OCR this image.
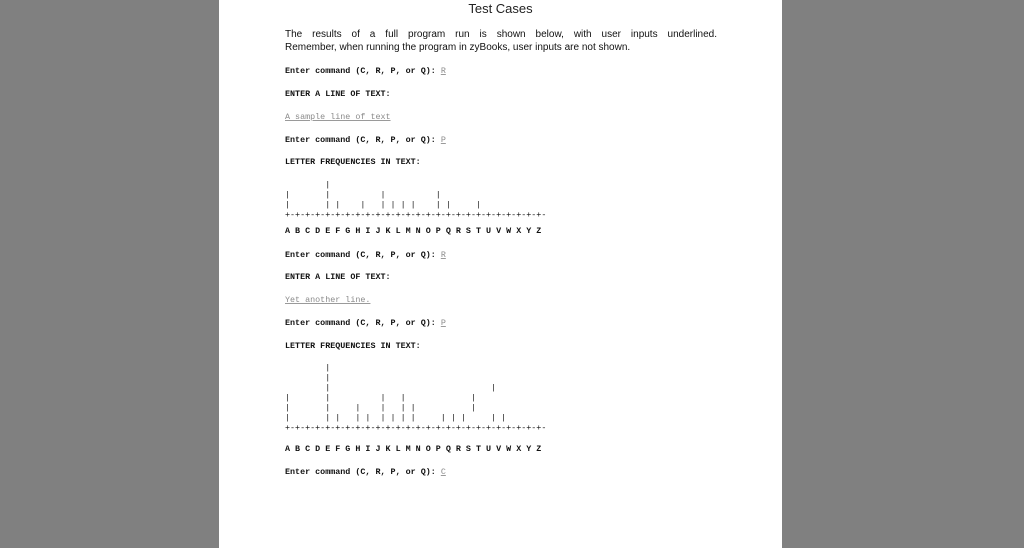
Test Cases

The results of a full program run is shown below, with user inputs underlined.

Remember, when running the program in zyBooks, user inputs are not shown.

Enter command (C, R, P, or Q): R
ENTER A LINE OF TEXT:
A sample line of text
Enter command (C, R, P, or Q): P
LETTER FREQUENCIES IN TEXT:
|
|       |          |          |
|       | |    |   | | | |    | |     |
+-+-+-+-+-+-+-+-+-+-+-+-+-+-+-+-+-+-+-+-+-+-+-+-+-+-
A B C D E F G H I J K L M N O P Q R S T U V W X Y Z
Enter command (C, R, P, or Q): R
ENTER A LINE OF TEXT:
Yet another line.
Enter command (C, R, P, or Q): P
LETTER FREQUENCIES IN TEXT:
|
|
|                                |
|       |          |   |             |
|       |     |    |   | |           |
|       | |   | |  | | | |     | | |     | |
+-+-+-+-+-+-+-+-+-+-+-+-+-+-+-+-+-+-+-+-+-+-+-+-+-+-
A B C D E F G H I J K L M N O P Q R S T U V W X Y Z
Enter command (C, R, P, or Q): C
